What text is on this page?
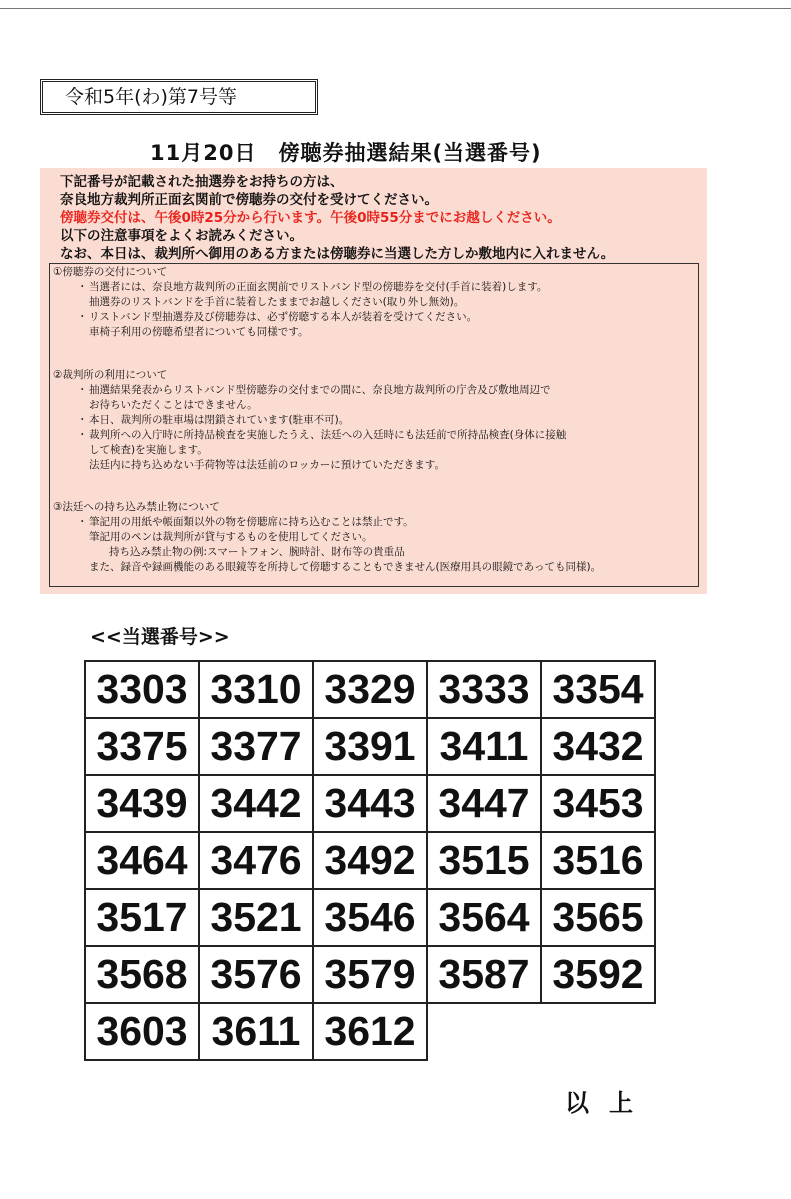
令和5年(わ)第7号等
11月20日　傍聴券抽選結果(当選番号)
下記番号が記載された抽選券をお持ちの方は、
奈良地方裁判所正面玄関前で傍聴券の交付を受けてください。
傍聴券交付は、午後0時25分から行います。午後0時55分までにお越しください。
以下の注意事項をよくお読みください。
なお、本日は、裁判所へ御用のある方または傍聴券に当選した方しか敷地内に入れません。
①傍聴券の交付について
・ 当選者には、奈良地方裁判所の正面玄関前でリストバンド型の傍聴券を交付(手首に装着)します。
抽選券のリストバンドを手首に装着したままでお越しください(取り外し無効)。
・ リストバンド型抽選券及び傍聴券は、必ず傍聴する本人が装着を受けてください。
車椅子利用の傍聴希望者についても同様です。
②裁判所の利用について
・ 抽選結果発表からリストバンド型傍聴券の交付までの間に、奈良地方裁判所の庁舎及び敷地周辺で
お待ちいただくことはできません。
・ 本日、裁判所の駐車場は閉鎖されています(駐車不可)。
・ 裁判所への入庁時に所持品検査を実施したうえ、法廷への入廷時にも法廷前で所持品検査(身体に接触
して検査)を実施します。
法廷内に持ち込めない手荷物等は法廷前のロッカーに預けていただきます。
③法廷への持ち込み禁止物について
・ 筆記用の用紙や帳面類以外の物を傍聴席に持ち込むことは禁止です。
筆記用のペンは裁判所が貸与するものを使用してください。
持ち込み禁止物の例:スマートフォン、腕時計、財布等の貴重品
また、録音や録画機能のある眼鏡等を所持して傍聴することもできません(医療用具の眼鏡であっても同様)。
<<当選番号>>
3303	3310	3329	3333	3354
3375	3377	3391	3411	3432
3439	3442	3443	3447	3453
3464	3476	3492	3515	3516
3517	3521	3546	3564	3565
3568	3576	3579	3587	3592
3603	3611	3612		
以上
